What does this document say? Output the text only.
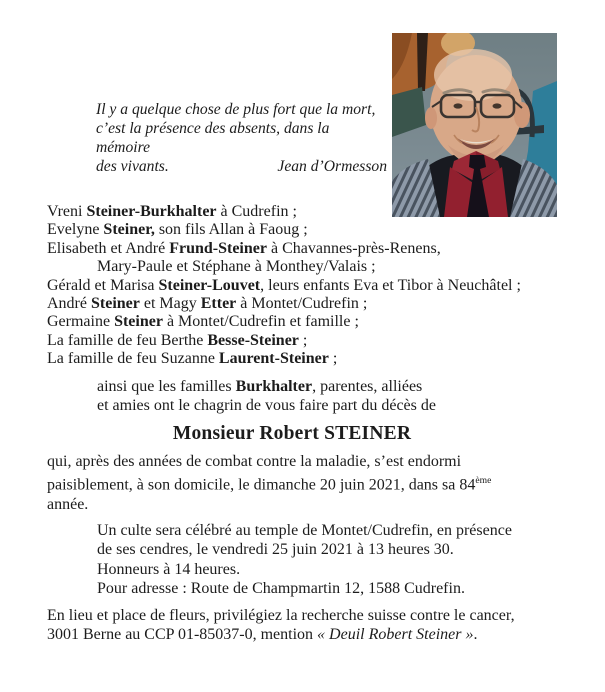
Il y a quelque chose de plus fort que la mort,
c’est la présence des absents, dans la mémoire
des vivants.	Jean d’Ormesson
Vreni Steiner-Burkhalter à Cudrefin ;
Evelyne Steiner, son fils Allan à Faoug ;
Elisabeth et André Frund-Steiner à Chavannes-près-Renens,
Mary-Paule et Stéphane à Monthey/Valais ;
Gérald et Marisa Steiner-Louvet, leurs enfants Eva et Tibor à Neuchâtel ;
André Steiner et Magy Etter à Montet/Cudrefin ;
Germaine Steiner à Montet/Cudrefin et famille ;
La famille de feu Berthe Besse-Steiner ;
La famille de feu Suzanne Laurent-Steiner ;
ainsi que les familles Burkhalter, parentes, alliées
et amies ont le chagrin de vous faire part du décès de
Monsieur Robert STEINER
qui, après des années de combat contre la maladie, s’est endormi
paisiblement, à son domicile, le dimanche 20 juin 2021, dans sa 84ème
année.
Un culte sera célébré au temple de Montet/Cudrefin, en présence
de ses cendres, le vendredi 25 juin 2021 à 13 heures 30.
Honneurs à 14 heures.
Pour adresse : Route de Champmartin 12, 1588 Cudrefin.
En lieu et place de fleurs, privilégiez la recherche suisse contre le cancer,
3001 Berne au CCP 01-85037-0, mention « Deuil Robert Steiner ».
